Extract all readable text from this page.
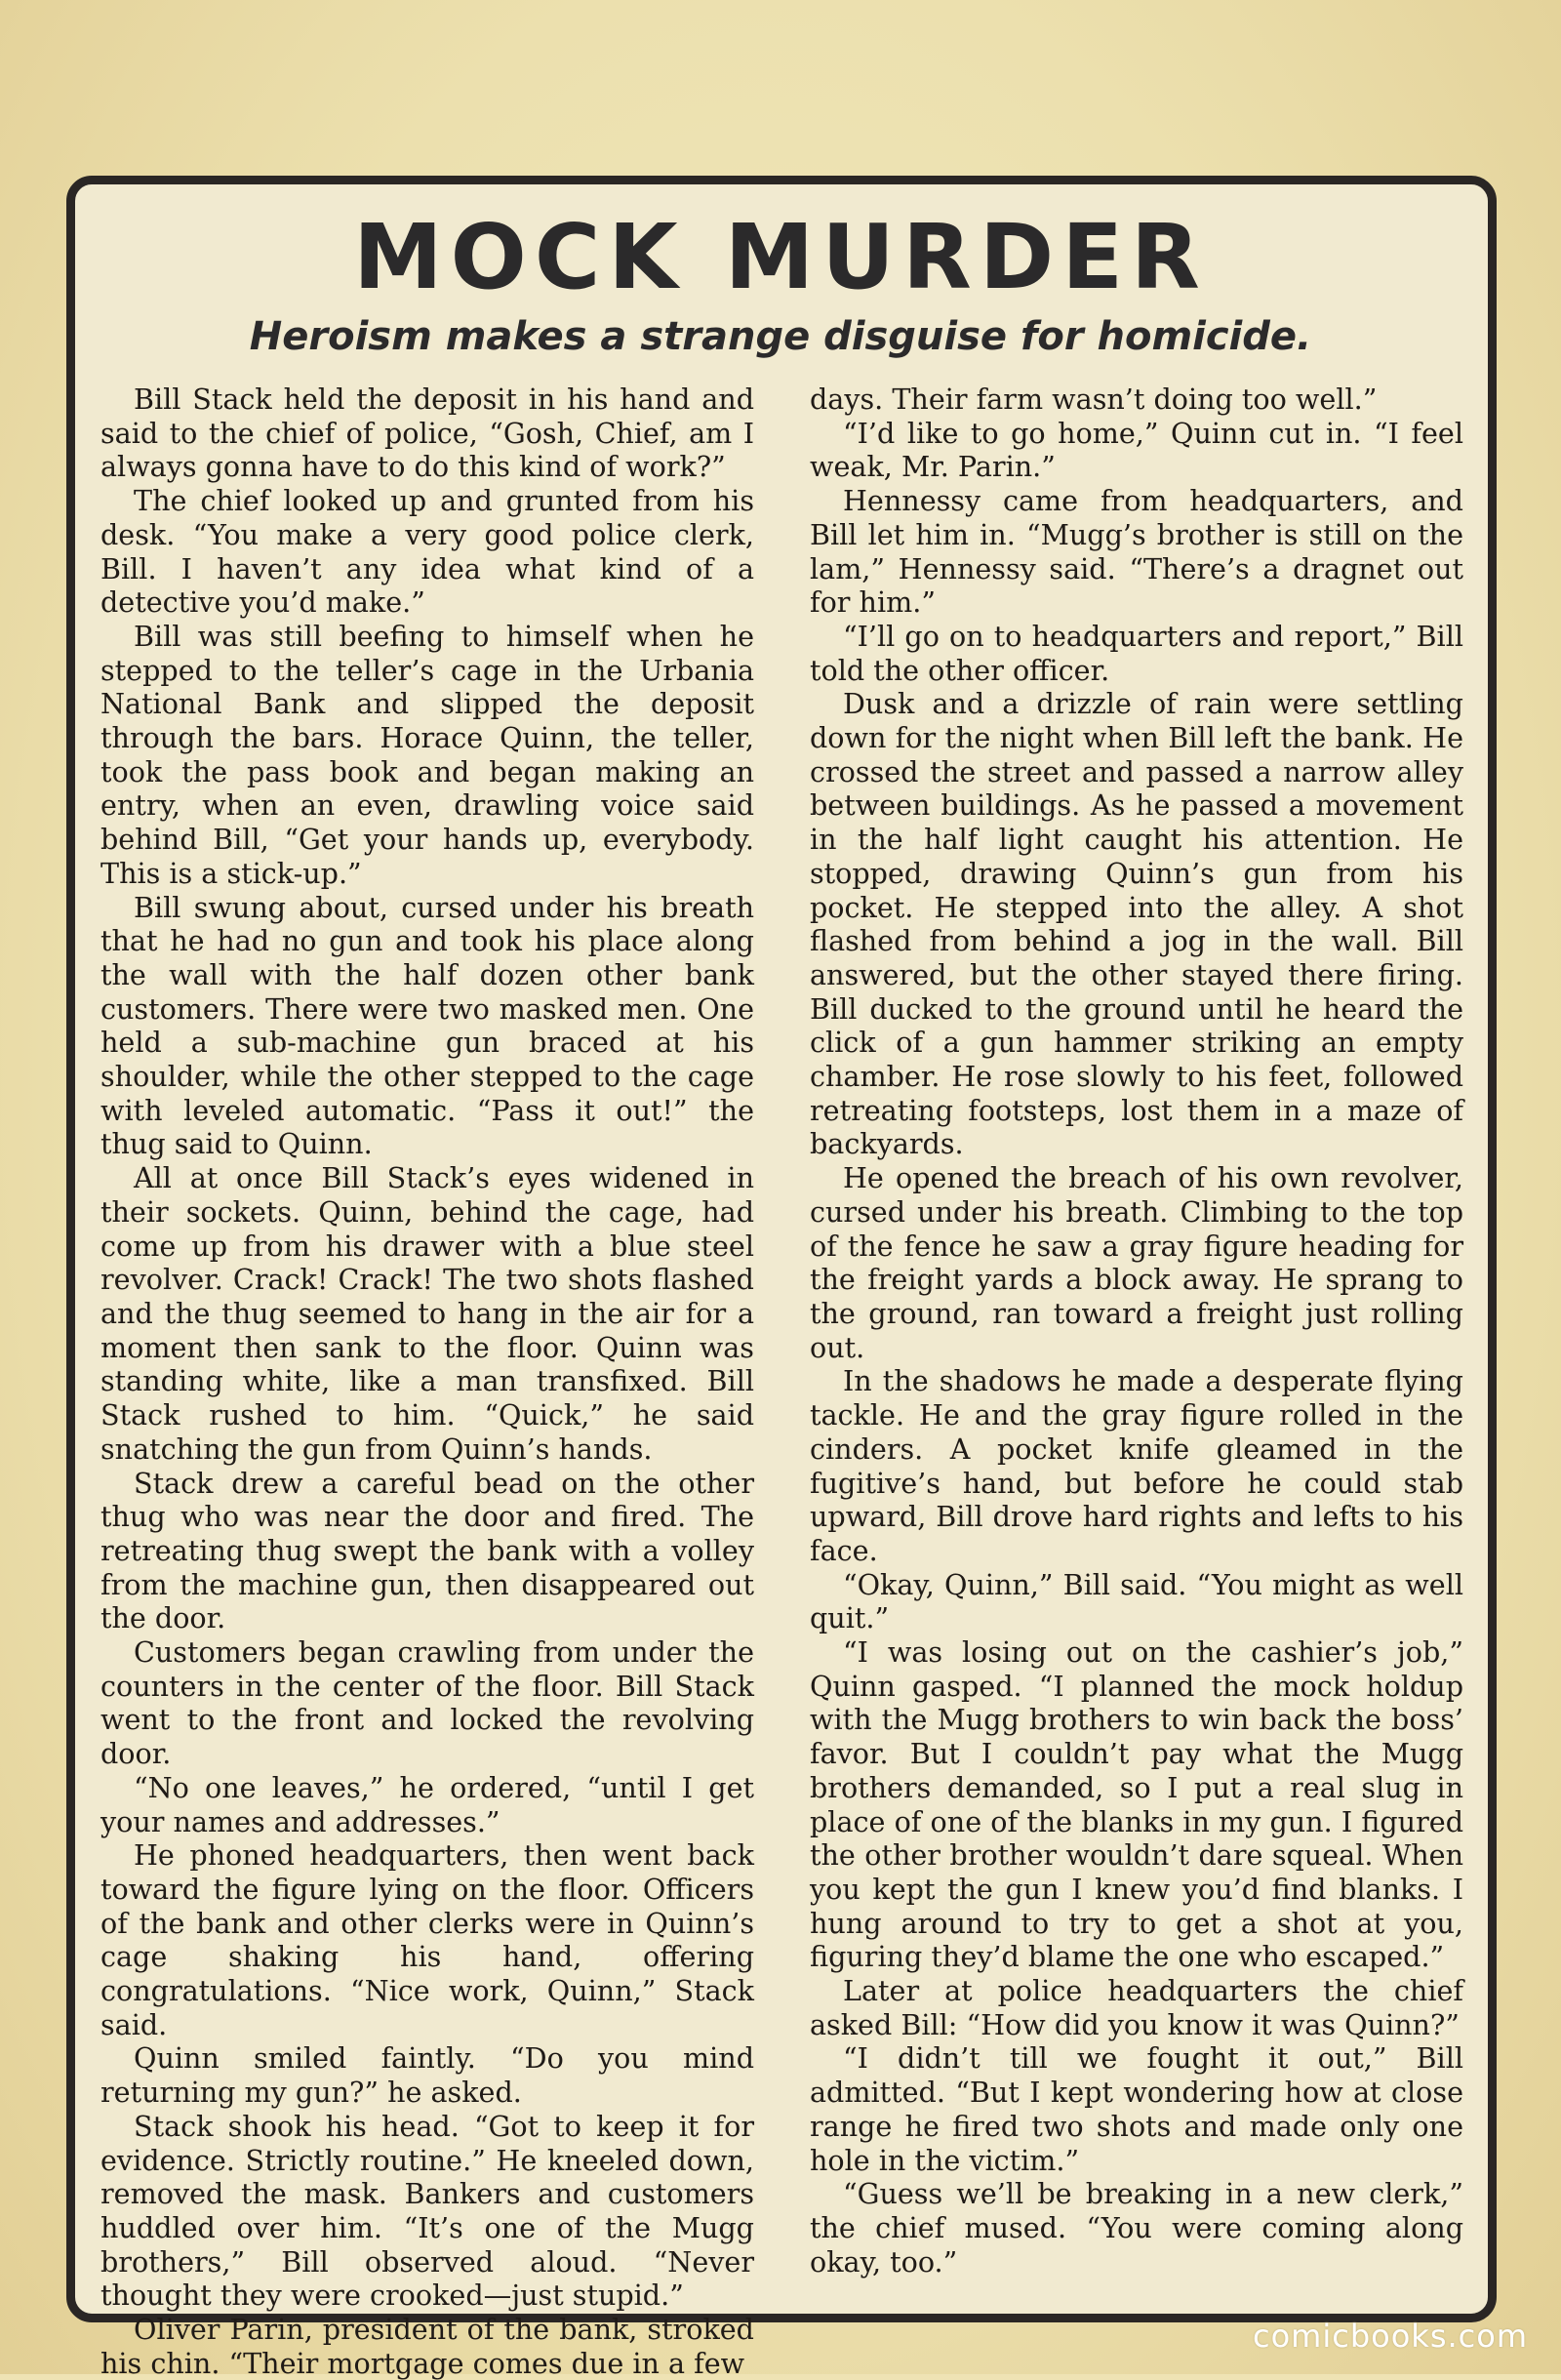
MOCK MURDER
Heroism makes a strange disguise for homicide.

Bill Stack held the deposit in his hand and said to the chief of police, “Gosh, Chief, am I always gonna have to do this kind of work?”

The chief looked up and grunted from his desk. “You make a very good police clerk, Bill. I haven’t any idea what kind of a detective you’d make.”

Bill was still beefing to himself when he stepped to the teller’s cage in the Urbania National Bank and slipped the deposit through the bars. Horace Quinn, the teller, took the pass book and began making an entry, when an even, drawling voice said behind Bill, “Get your hands up, everybody. This is a stick-up.”

Bill swung about, cursed under his breath that he had no gun and took his place along the wall with the half dozen other bank customers. There were two masked men. One held a sub-machine gun braced at his shoulder, while the other stepped to the cage with leveled automatic. “Pass it out!” the thug said to Quinn.

All at once Bill Stack’s eyes widened in their sockets. Quinn, behind the cage, had come up from his drawer with a blue steel revolver. Crack! Crack! The two shots flashed and the thug seemed to hang in the air for a moment then sank to the floor. Quinn was standing white, like a man transfixed. Bill Stack rushed to him. “Quick,” he said snatching the gun from Quinn’s hands.

Stack drew a careful bead on the other thug who was near the door and fired. The retreating thug swept the bank with a volley from the machine gun, then disappeared out the door.

Customers began crawling from under the counters in the center of the floor. Bill Stack went to the front and locked the revolving door.

“No one leaves,” he ordered, “until I get your names and addresses.”

He phoned headquarters, then went back toward the figure lying on the floor. Officers of the bank and other clerks were in Quinn’s cage shaking his hand, offering congratulations. “Nice work, Quinn,” Stack said.

Quinn smiled faintly. “Do you mind returning my gun?” he asked.

Stack shook his head. “Got to keep it for evidence. Strictly routine.” He kneeled down, removed the mask. Bankers and customers huddled over him. “It’s one of the Mugg brothers,” Bill observed aloud. “Never thought they were crooked—just stupid.”

Oliver Parin, president of the bank, stroked his chin. “Their mortgage comes due in a few

days. Their farm wasn’t doing too well.”

“I’d like to go home,” Quinn cut in. “I feel weak, Mr. Parin.”

Hennessy came from headquarters, and Bill let him in. “Mugg’s brother is still on the lam,” Hennessy said. “There’s a dragnet out for him.”

“I’ll go on to headquarters and report,” Bill told the other officer.

Dusk and a drizzle of rain were settling down for the night when Bill left the bank. He crossed the street and passed a narrow alley between buildings. As he passed a movement in the half light caught his attention. He stopped, drawing Quinn’s gun from his pocket. He stepped into the alley. A shot flashed from behind a jog in the wall. Bill answered, but the other stayed there firing. Bill ducked to the ground until he heard the click of a gun hammer striking an empty chamber. He rose slowly to his feet, followed retreating footsteps, lost them in a maze of backyards.

He opened the breach of his own revolver, cursed under his breath. Climbing to the top of the fence he saw a gray figure heading for the freight yards a block away. He sprang to the ground, ran toward a freight just rolling out.

In the shadows he made a desperate flying tackle. He and the gray figure rolled in the cinders. A pocket knife gleamed in the fugitive’s hand, but before he could stab upward, Bill drove hard rights and lefts to his face.

“Okay, Quinn,” Bill said. “You might as well quit.”

“I was losing out on the cashier’s job,” Quinn gasped. “I planned the mock holdup with the Mugg brothers to win back the boss’ favor. But I couldn’t pay what the Mugg brothers demanded, so I put a real slug in place of one of the blanks in my gun. I figured the other brother wouldn’t dare squeal. When you kept the gun I knew you’d find blanks. I hung around to try to get a shot at you, figuring they’d blame the one who escaped.”

Later at police headquarters the chief asked Bill: “How did you know it was Quinn?”

“I didn’t till we fought it out,” Bill admitted. “But I kept wondering how at close range he fired two shots and made only one hole in the victim.”

“Guess we’ll be breaking in a new clerk,” the chief mused. “You were coming along okay, too.”

comicbooks.com
